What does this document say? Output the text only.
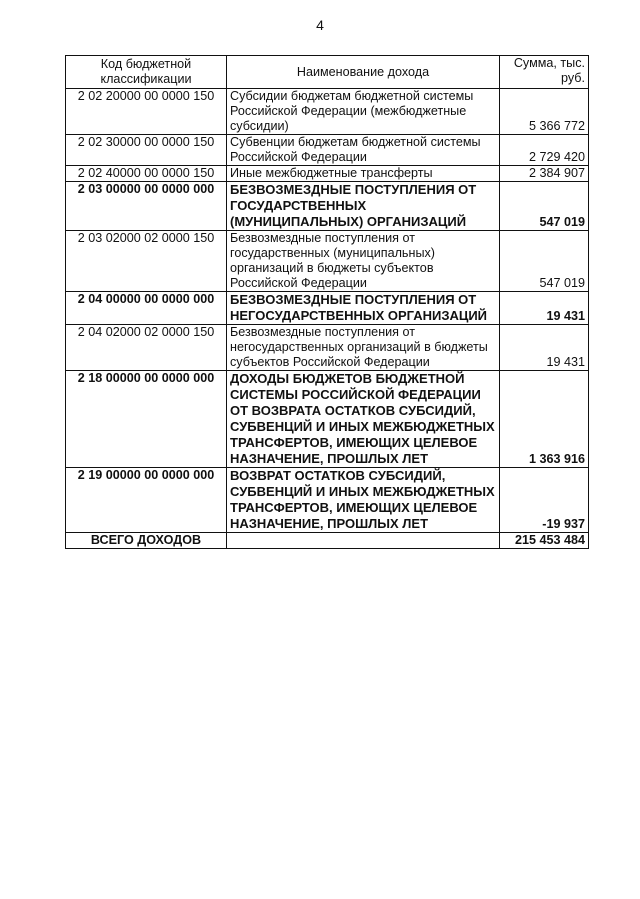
4
Код бюджетной классификации	Наименование дохода	Сумма, тыс. руб.
2 02 20000 00 0000 150	Субсидии бюджетам бюджетной системы Российской Федерации (межбюджетные субсидии)	5 366 772
2 02 30000 00 0000 150	Субвенции бюджетам бюджетной системы Российской Федерации	2 729 420
2 02 40000 00 0000 150	Иные межбюджетные трансферты	2 384 907
2 03 00000 00 0000 000	БЕЗВОЗМЕЗДНЫЕ ПОСТУПЛЕНИЯ ОТ ГОСУДАРСТВЕННЫХ (МУНИЦИПАЛЬНЫХ) ОРГАНИЗАЦИЙ	547 019
2 03 02000 02 0000 150	Безвозмездные поступления от государственных (муниципальных) организаций в бюджеты субъектов Российской Федерации	547 019
2 04 00000 00 0000 000	БЕЗВОЗМЕЗДНЫЕ ПОСТУПЛЕНИЯ ОТ НЕГОСУДАРСТВЕННЫХ ОРГАНИЗАЦИЙ	19 431
2 04 02000 02 0000 150	Безвозмездные поступления от негосударственных организаций в бюджеты субъектов Российской Федерации	19 431
2 18 00000 00 0000 000	ДОХОДЫ БЮДЖЕТОВ БЮДЖЕТНОЙ СИСТЕМЫ РОССИЙСКОЙ ФЕДЕРАЦИИ ОТ ВОЗВРАТА ОСТАТКОВ СУБСИДИЙ, СУБВЕНЦИЙ И ИНЫХ МЕЖБЮДЖЕТНЫХ ТРАНСФЕРТОВ, ИМЕЮЩИХ ЦЕЛЕВОЕ НАЗНАЧЕНИЕ, ПРОШЛЫХ ЛЕТ	1 363 916
2 19 00000 00 0000 000	ВОЗВРАТ ОСТАТКОВ СУБСИДИЙ, СУБВЕНЦИЙ И ИНЫХ МЕЖБЮДЖЕТНЫХ ТРАНСФЕРТОВ, ИМЕЮЩИХ ЦЕЛЕВОЕ НАЗНАЧЕНИЕ, ПРОШЛЫХ ЛЕТ	-19 937
ВСЕГО ДОХОДОВ		215 453 484
